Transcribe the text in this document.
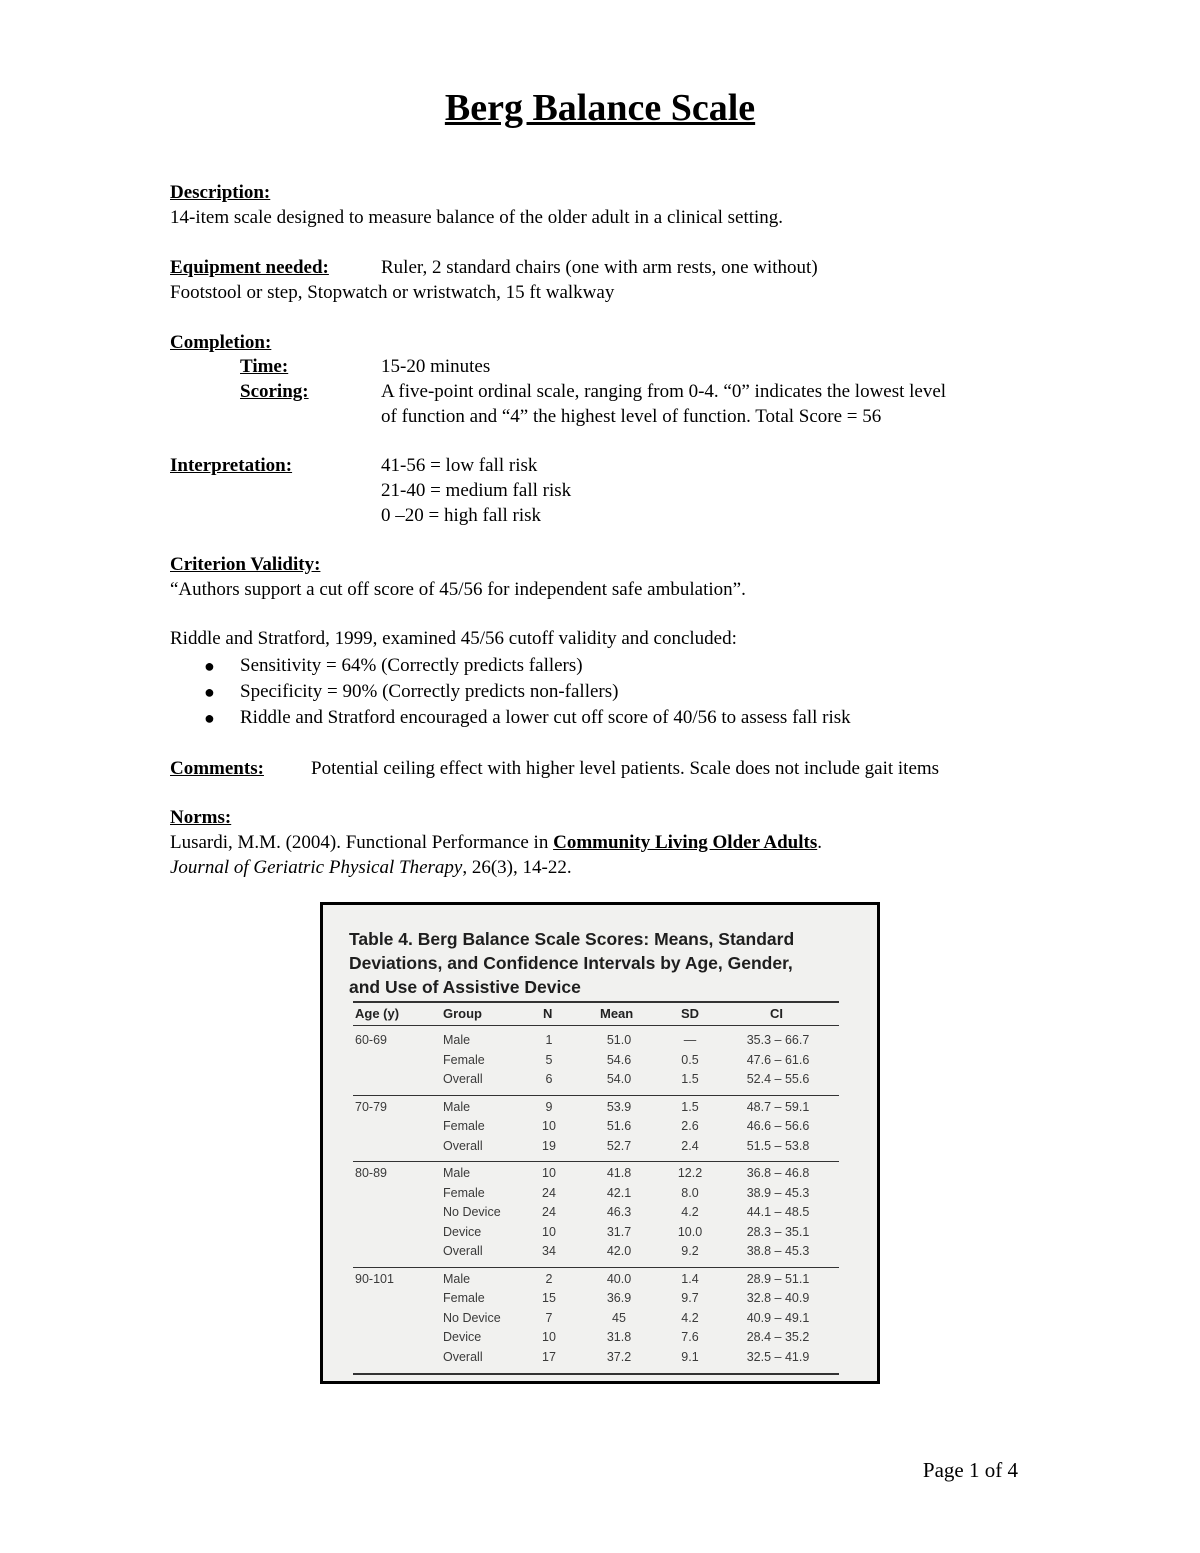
Berg Balance Scale
Description:
14-item scale designed to measure balance of the older adult in a clinical setting.
Equipment needed:	Ruler, 2 standard chairs (one with arm rests, one without)
Footstool or step, Stopwatch or wristwatch, 15 ft walkway
Completion:
Time:	15-20 minutes
Scoring:	A five-point ordinal scale, ranging from 0-4. “0” indicates the lowest level
of function and “4” the highest level of function. Total Score = 56
Interpretation:	41-56 = low fall risk
21-40 = medium fall risk
0 –20 = high fall risk
Criterion Validity:
“Authors support a cut off score of 45/56 for independent safe ambulation”.
Riddle and Stratford, 1999, examined 45/56 cutoff validity and concluded:
● Sensitivity = 64% (Correctly predicts fallers)
● Specificity = 90% (Correctly predicts non-fallers)
● Riddle and Stratford encouraged a lower cut off score of 40/56 to assess fall risk
Comments: Potential ceiling effect with higher level patients. Scale does not include gait items
Norms:
Lusardi, M.M. (2004). Functional Performance in Community Living Older Adults.
Journal of Geriatric Physical Therapy, 26(3), 14-22.
Table 4. Berg Balance Scale Scores: Means, Standard
Deviations, and Confidence Intervals by Age, Gender,
and Use of Assistive Device
Age (y)	Group	N	Mean	SD	CI
60-69	Male	1	51.0	—	35.3 – 66.7
Female	5	54.6	0.5	47.6 – 61.6
Overall	6	54.0	1.5	52.4 – 55.6
70-79	Male	9	53.9	1.5	48.7 – 59.1
Female	10	51.6	2.6	46.6 – 56.6
Overall	19	52.7	2.4	51.5 – 53.8
80-89	Male	10	41.8	12.2	36.8 – 46.8
Female	24	42.1	8.0	38.9 – 45.3
No Device	24	46.3	4.2	44.1 – 48.5
Device	10	31.7	10.0	28.3 – 35.1
Overall	34	42.0	9.2	38.8 – 45.3
90-101	Male	2	40.0	1.4	28.9 – 51.1
Female	15	36.9	9.7	32.8 – 40.9
No Device	7	45	4.2	40.9 – 49.1
Device	10	31.8	7.6	28.4 – 35.2
Overall	17	37.2	9.1	32.5 – 41.9
Page 1 of 4
